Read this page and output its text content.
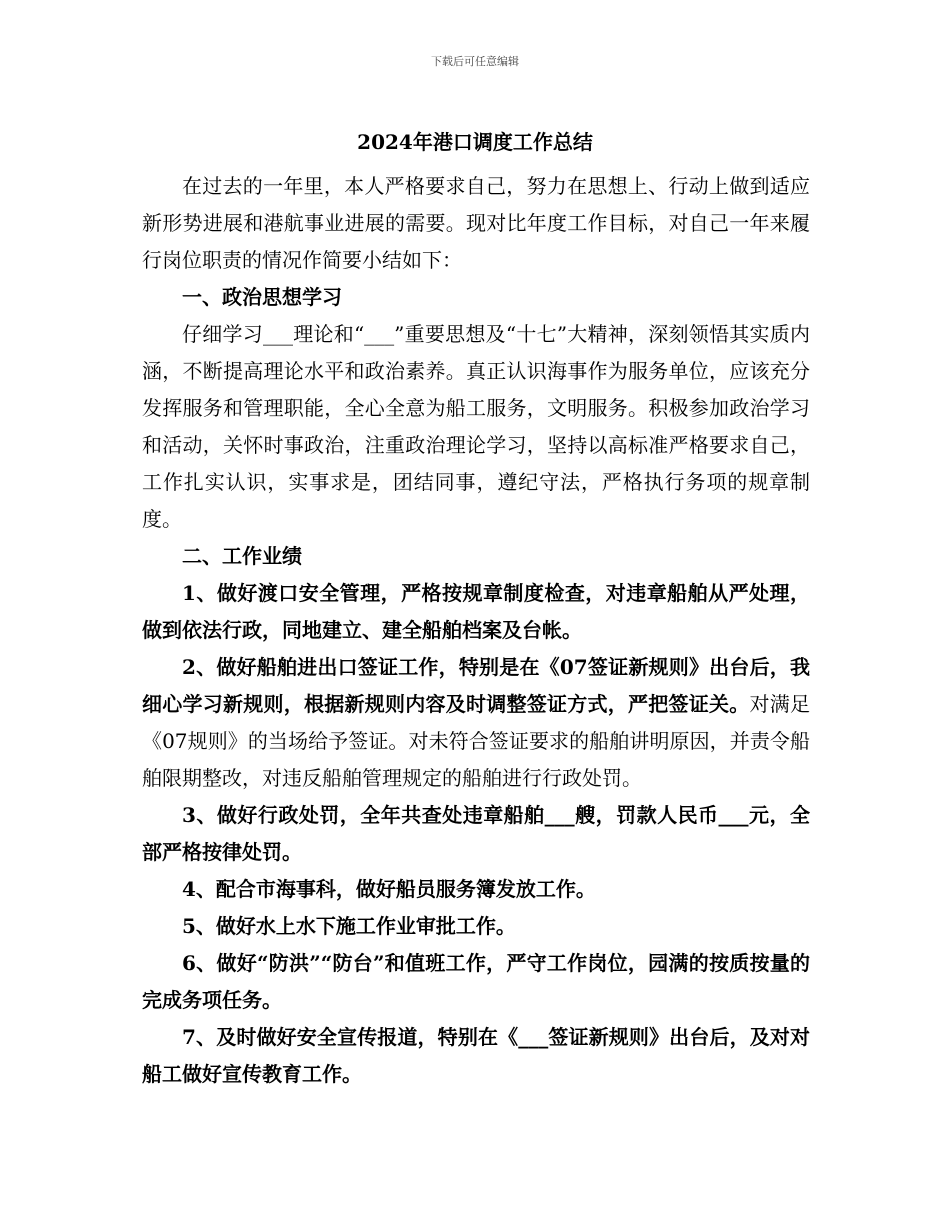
下载后可任意编辑
2024年港口调度工作总结

在过去的一年里，本人严格要求自己，努力在思想上、行动上做到适应新形势进展和港航事业进展的需要。现对比年度工作目标，对自己一年来履行岗位职责的情况作简要小结如下：

一、政治思想学习

仔细学习___理论和“___”重要思想及“十七”大精神，深刻领悟其实质内涵，不断提高理论水平和政治素养。真正认识海事作为服务单位，应该充分发挥服务和管理职能，全心全意为船工服务，文明服务。积极参加政治学习和活动，关怀时事政治，注重政治理论学习，坚持以高标准严格要求自己，工作扎实认识，实事求是，团结同事，遵纪守法，严格执行务项的规章制度。

二、工作业绩

1、做好渡口安全管理，严格按规章制度检查，对违章船舶从严处理，做到依法行政，同地建立、建全船舶档案及台帐。

2、做好船舶进出口签证工作，特别是在《07签证新规则》出台后，我细心学习新规则，根据新规则内容及时调整签证方式，严把签证关。对满足《07规则》的当场给予签证。对未符合签证要求的船舶讲明原因，并责令船舶限期整改，对违反船舶管理规定的船舶进行行政处罚。

3、做好行政处罚，全年共查处违章船舶___艘，罚款人民币___元，全部严格按律处罚。

4、配合市海事科，做好船员服务簿发放工作。

5、做好水上水下施工作业审批工作。

6、做好“防洪”“防台”和值班工作，严守工作岗位，园满的按质按量的完成务项任务。

7、及时做好安全宣传报道，特别在《___签证新规则》出台后，及对对船工做好宣传教育工作。
